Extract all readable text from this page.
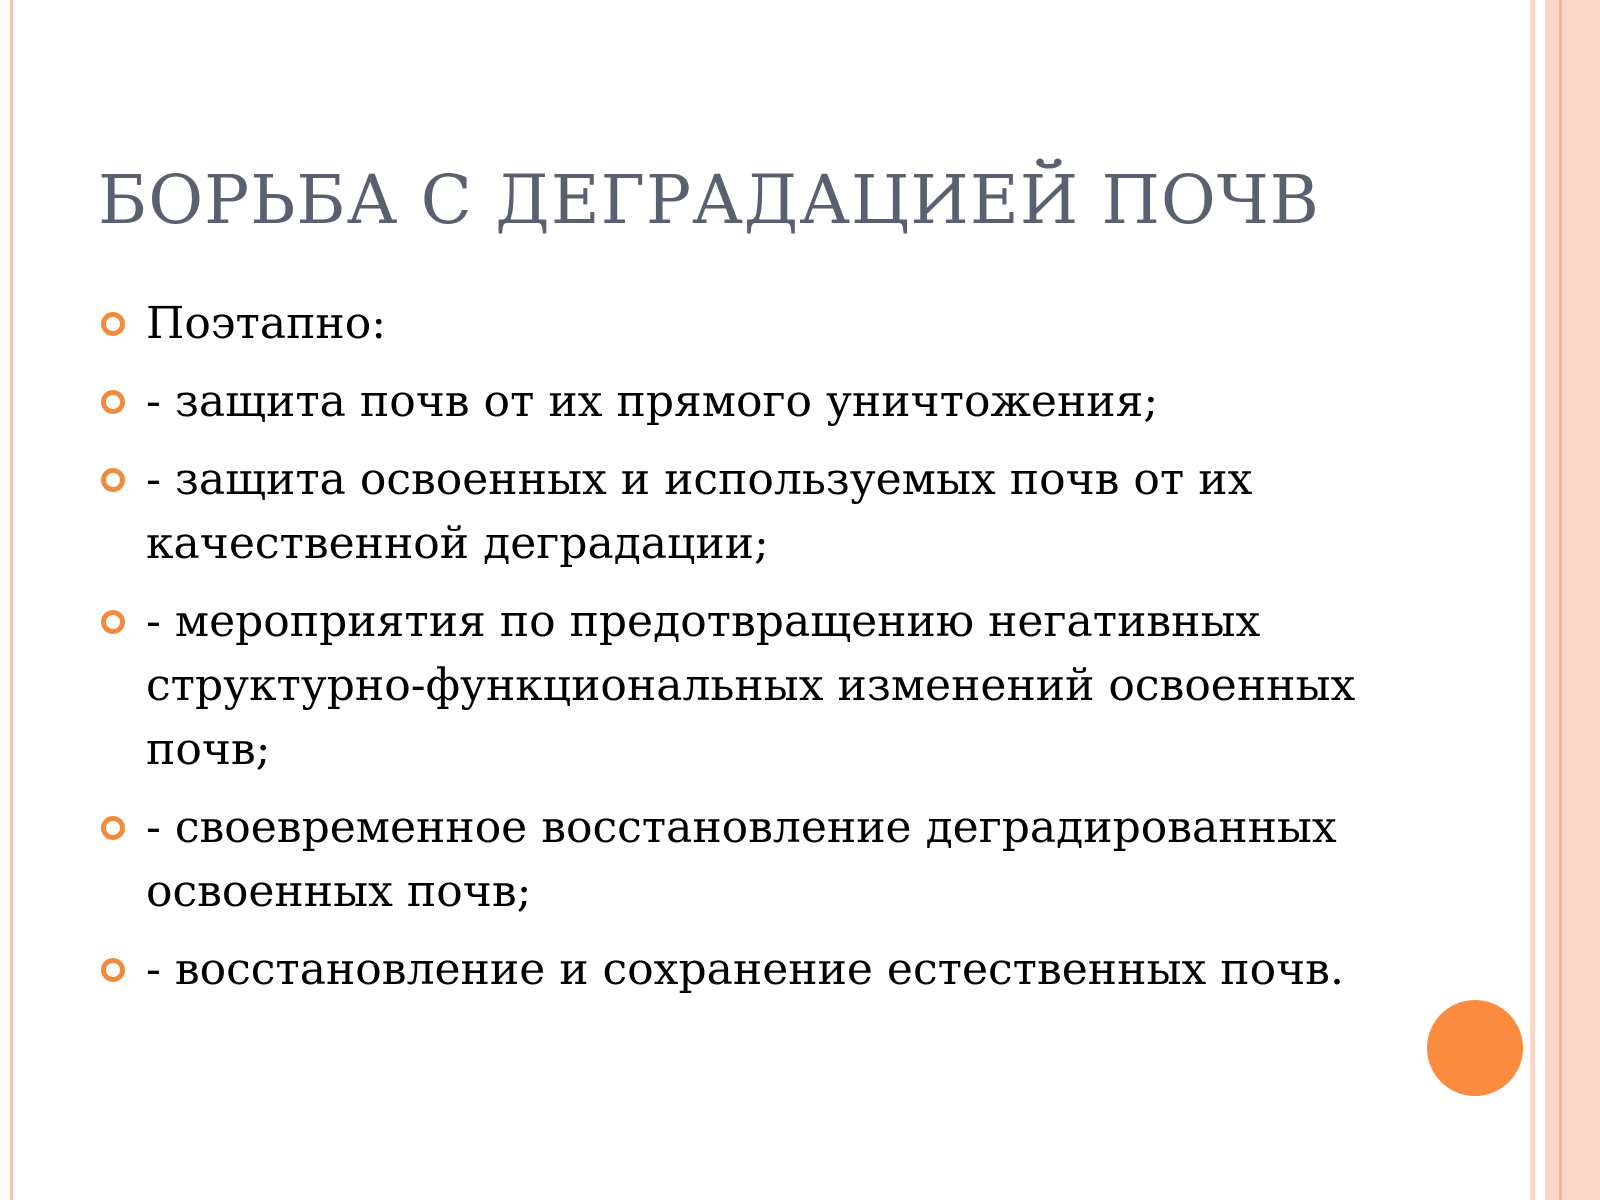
БОРЬБА С ДЕГРАДАЦИЕЙ ПОЧВ
Поэтапно:
- защита почв от их прямого уничтожения;
- защита освоенных и используемых почв от их качественной деградации;
- мероприятия по предотвращению негативных структурно-функциональных изменений освоенных почв;
- своевременное восстановление деградированных освоенных почв;
- восстановление и сохранение естественных почв.
